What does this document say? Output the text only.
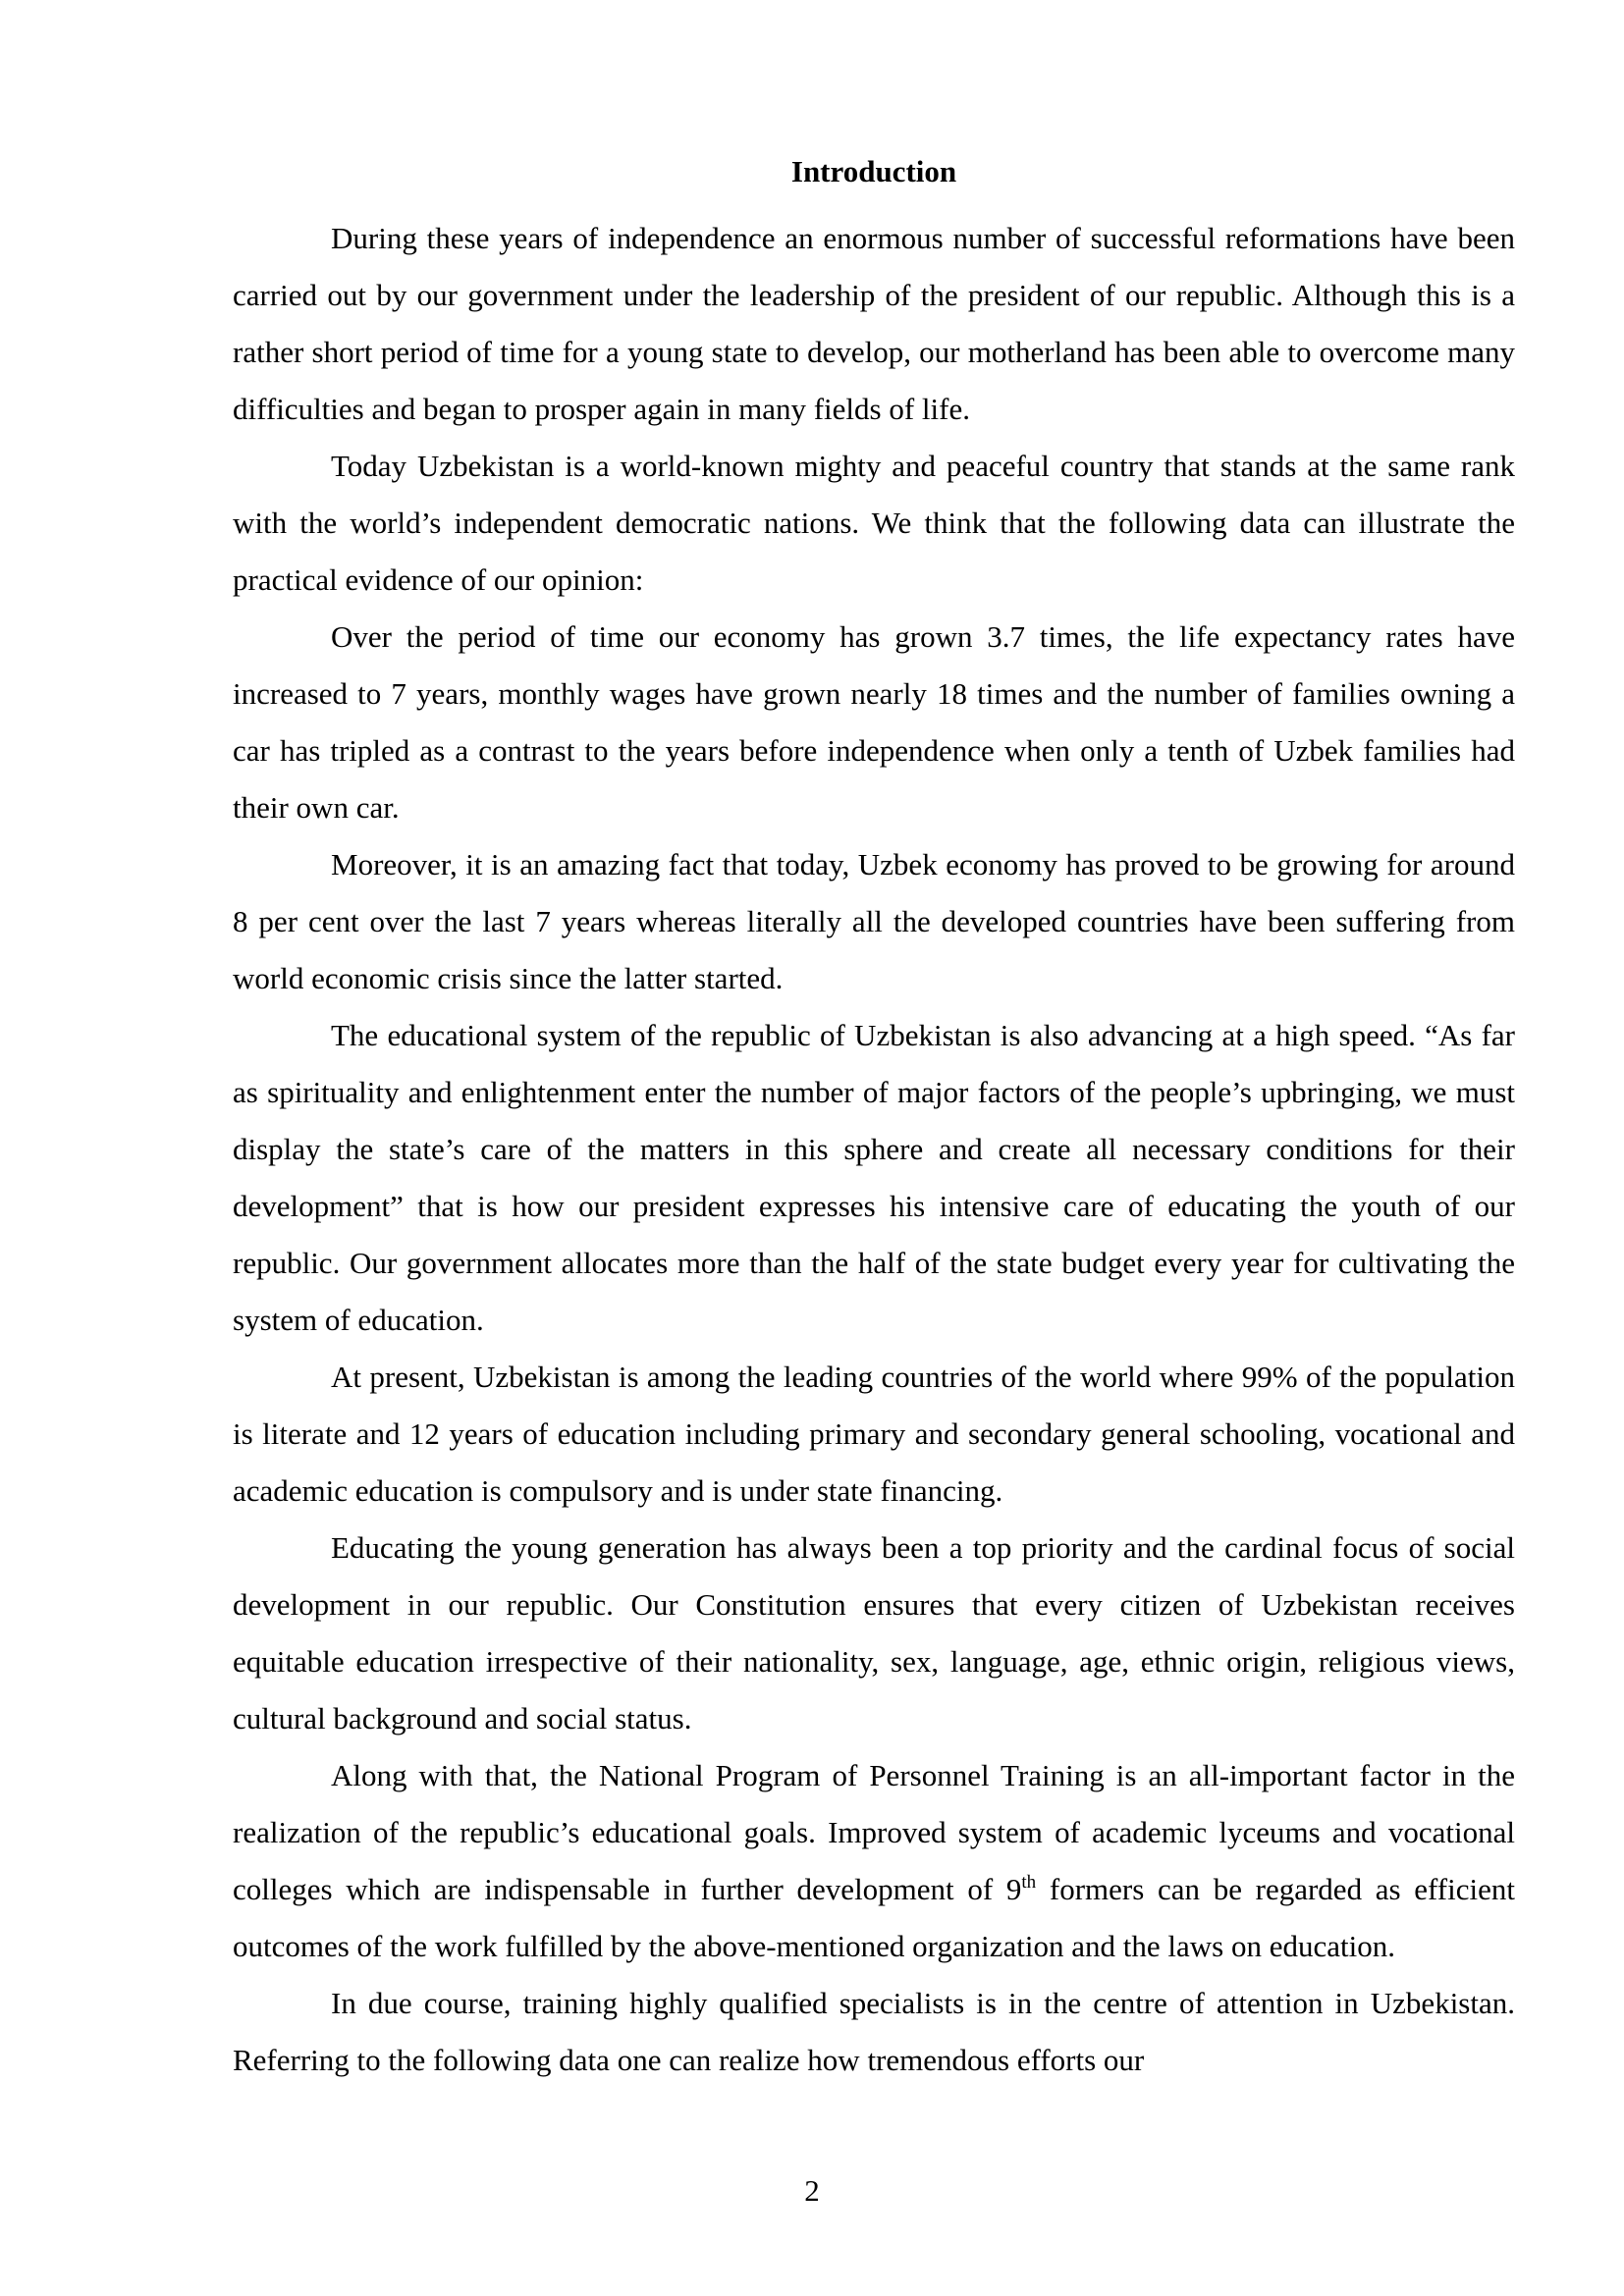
Introduction

During these years of independence an enormous number of successful reformations have been carried out by our government under the leadership of the president of our republic. Although this is a rather short period of time for a young state to develop, our motherland has been able to overcome many difficulties and began to prosper again in many fields of life.

Today Uzbekistan is a world-known mighty and peaceful country that stands at the same rank with the world’s independent democratic nations. We think that the following data can illustrate the practical evidence of our opinion:

Over the period of time our economy has grown 3.7 times, the life expectancy rates have increased to 7 years, monthly wages have grown nearly 18 times and the number of families owning a car has tripled as a contrast to the years before independence when only a tenth of Uzbek families had their own car.

Moreover, it is an amazing fact that today, Uzbek economy has proved to be growing for around 8 per cent over the last 7 years whereas literally all the developed countries have been suffering from world economic crisis since the latter started.

The educational system of the republic of Uzbekistan is also advancing at a high speed. “As far as spirituality and enlightenment enter the number of major factors of the people’s upbringing, we must display the state’s care of the matters in this sphere and create all necessary conditions for their development” that is how our president expresses his intensive care of educating the youth of our republic. Our government allocates more than the half of the state budget every year for cultivating the system of education.

At present, Uzbekistan is among the leading countries of the world where 99% of the population is literate and 12 years of education including primary and secondary general schooling, vocational and academic education is compulsory and is under state financing.

Educating the young generation has always been a top priority and the cardinal focus of social development in our republic. Our Constitution ensures that every citizen of Uzbekistan receives equitable education irrespective of their nationality, sex, language, age, ethnic origin, religious views, cultural background and social status.

Along with that, the National Program of Personnel Training is an all-important factor in the realization of the republic’s educational goals. Improved system of academic lyceums and vocational colleges which are indispensable in further development of 9th formers can be regarded as efficient outcomes of the work fulfilled by the above-mentioned organization and the laws on education.

In due course, training highly qualified specialists is in the centre of attention in Uzbekistan. Referring to the following data one can realize how tremendous efforts our

2
